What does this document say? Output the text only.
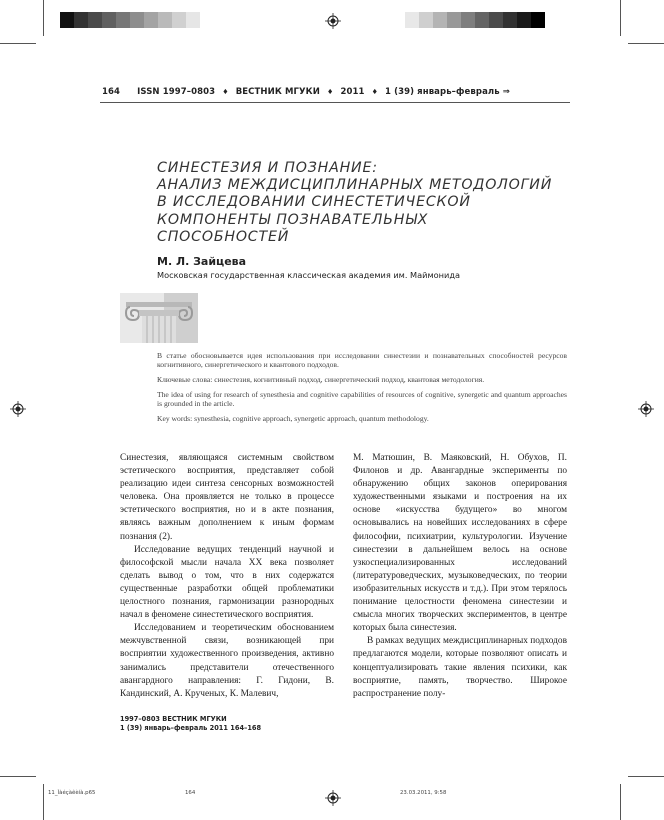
164 ISSN 1997–0803 ♦ ВЕСТНИК МГУКИ ♦ 2011 ♦ 1 (39) январь–февраль ⇒
СИНЕСТЕЗИЯ И ПОЗНАНИЕ:
АНАЛИЗ МЕЖДИСЦИПЛИНАРНЫХ МЕТОДОЛОГИЙ
В ИССЛЕДОВАНИИ СИНЕСТЕТИЧЕСКОЙ
КОМПОНЕНТЫ ПОЗНАВАТЕЛЬНЫХ
СПОСОБНОСТЕЙ
М. Л. Зайцева
Московская государственная классическая академия им. Маймонида

В статье обосновывается идея использования при исследовании синестезии и познавательных способностей ресурсов когнитивного, синергетического и квантового подходов.

Ключевые слова: синестезия, когнитивный подход, синергетический подход, квантовая методология.

The idea of using for research of synesthesia and cognitive capabilities of resources of cognitive, synergetic and quantum approaches is grounded in the article.

Key words: synesthesia, cognitive approach, synergetic approach, quantum methodology.

Синестезия, являющаяся системным свойством эстетического восприятия, представляет собой реализацию идеи синтеза сенсорных возможностей человека. Она проявляется не только в процессе эстетического восприятия, но и в акте познания, являясь важным дополнением к иным формам познания (2).

Исследование ведущих тенденций научной и философской мысли начала XX века позволяет сделать вывод о том, что в них содержатся существенные разработки общей проблематики целостного познания, гармонизации разнородных начал в феномене синестетического восприятия.

Исследованием и теоретическим обоснованием межчувственной связи, возникающей при восприятии художественного произведения, активно занимались представители отечественного авангардного направления: Г. Гидони, В. Кандинский, А. Крученых, К. Малевич,

М. Матюшин, В. Маяковский, Н. Обухов, П. Филонов и др. Авангардные эксперименты по обнаружению общих законов оперирования художественными языками и построения на их основе «искусства будущего» во многом основывались на новейших исследованиях в сфере философии, психиатрии, культурологии. Изучение синестезии в дальнейшем велось на основе узкоспециализированных исследований (литературоведческих, музыковедческих, по теории изобразительных искусств и т.д.). При этом терялось понимание целостности феномена синестезии и смысла многих творческих экспериментов, в центре которых была синестезия.

В рамках ведущих междисциплинарных подходов предлагаются модели, которые позволяют описать и концептуализировать такие явления психики, как восприятие, память, творчество. Широкое распространение полу-

1997–0803 ВЕСТНИК МГУКИ
1 (39) январь–февраль 2011 164–168
11_Ìàéçàêèíà.p65	164	23.03.2011, 9:58
